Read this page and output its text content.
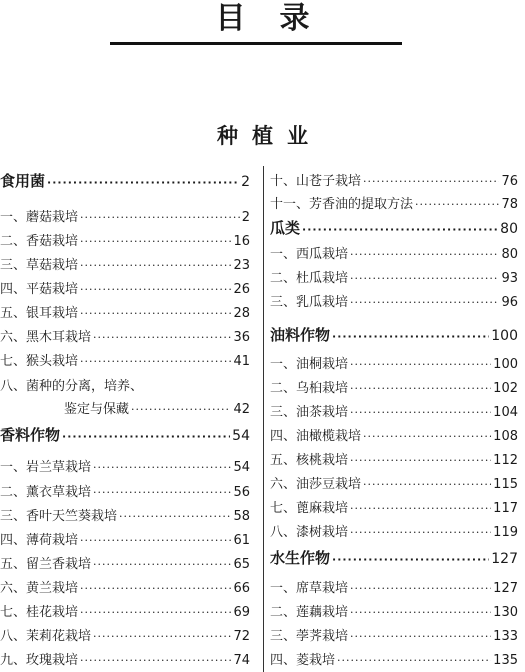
目录
种植业
食用菌 ·····	2
一、蘑菇栽培 ·····	2
二、香菇栽培 ·····	16
三、草菇栽培 ·····	23
四、平菇栽培 ·····	26
五、银耳栽培 ·····	28
六、黑木耳栽培 ·····	36
七、猴头栽培 ·····	41
八、菌种的分离，培养、
鉴定与保藏 ·····	42
香料作物 ·····	54
一、岩兰草栽培 ·····	54
二、薰衣草栽培 ·····	56
三、香叶天竺葵栽培 ·····	58
四、薄荷栽培 ·····	61
五、留兰香栽培 ·····	65
六、黄兰栽培 ·····	66
七、桂花栽培 ·····	69
八、茉莉花栽培 ·····	72
九、玫瑰栽培 ·····	74
十、山苍子栽培 ·····	76
十一、芳香油的提取方法 ·····	78
瓜类 ·····	80
一、西瓜栽培 ·····	80
二、杜瓜栽培 ·····	93
三、乳瓜栽培 ·····	96
油料作物 ·····	100
一、油桐栽培 ·····	100
二、乌桕栽培 ·····	102
三、油茶栽培 ·····	104
四、油橄榄栽培 ·····	108
五、核桃栽培 ·····	112
六、油莎豆栽培 ·····	115
七、蓖麻栽培 ·····	117
八、漆树栽培 ·····	119
水生作物 ·····	127
一、席草栽培 ·····	127
二、莲藕栽培 ·····	130
三、荸荠栽培 ·····	133
四、菱栽培 ·····	135
